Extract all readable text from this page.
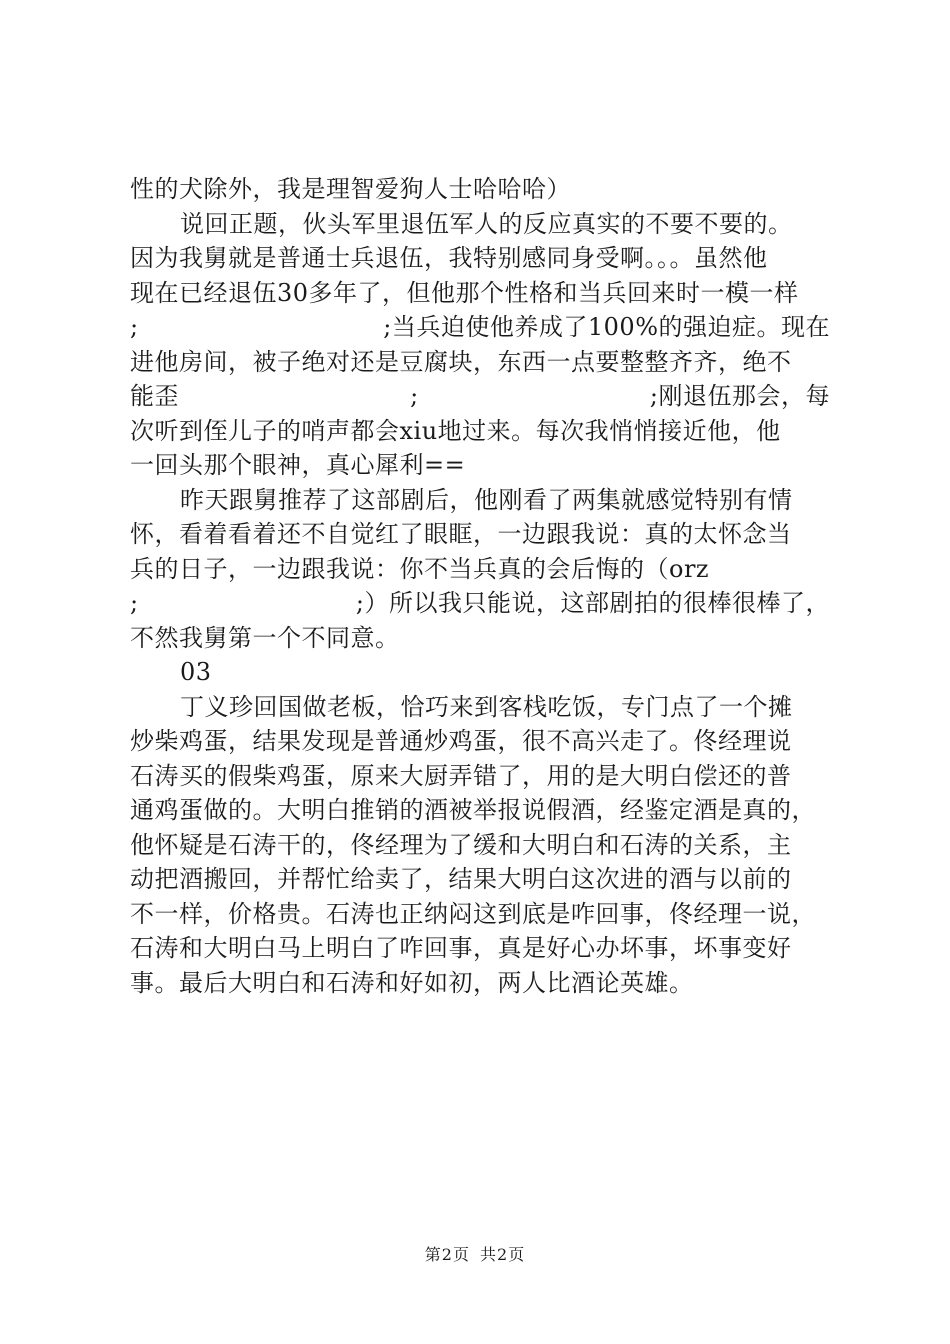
性的犬除外，我是理智爱狗人士哈哈哈）
说回正题，伙头军里退伍军人的反应真实的不要不要的。
因为我舅就是普通士兵退伍，我特别感同身受啊。。。虽然他
现在已经退伍30多年了，但他那个性格和当兵回来时一模一样
;	;当兵迫使他养成了100%的强迫症。现在
进他房间，被子绝对还是豆腐块，东西一点要整整齐齐，绝不
能歪	;	;刚退伍那会，每
次听到侄儿子的哨声都会xiu地过来。每次我悄悄接近他，他
一回头那个眼神，真心犀利==
昨天跟舅推荐了这部剧后，他刚看了两集就感觉特别有情
怀，看着看着还不自觉红了眼眶，一边跟我说：真的太怀念当
兵的日子，一边跟我说：你不当兵真的会后悔的（orz
;	;）所以我只能说，这部剧拍的很棒很棒了，
不然我舅第一个不同意。
03
丁义珍回国做老板，恰巧来到客栈吃饭，专门点了一个摊
炒柴鸡蛋，结果发现是普通炒鸡蛋，很不高兴走了。佟经理说
石涛买的假柴鸡蛋，原来大厨弄错了，用的是大明白偿还的普
通鸡蛋做的。大明白推销的酒被举报说假酒，经鉴定酒是真的，
他怀疑是石涛干的，佟经理为了缓和大明白和石涛的关系，主
动把酒搬回，并帮忙给卖了，结果大明白这次进的酒与以前的
不一样，价格贵。石涛也正纳闷这到底是咋回事，佟经理一说，
石涛和大明白马上明白了咋回事，真是好心办坏事，坏事变好
事。最后大明白和石涛和好如初，两人比酒论英雄。
第2页 共2页
